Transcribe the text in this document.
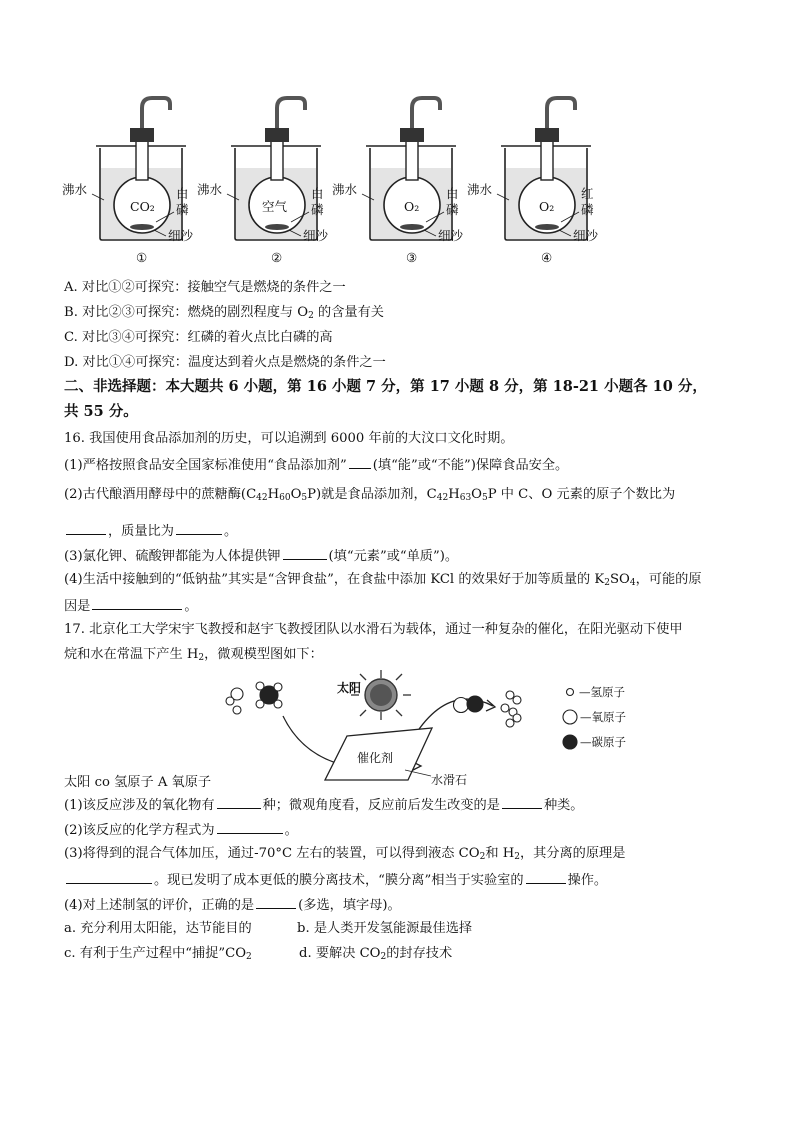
沸水
CO₂
白
磷
细沙
①
沸水
空气
白
磷
细沙
②
沸水
O₂
白
磷
细沙
③
沸水
O₂
红
磷
细沙
④
A. 对比①②可探究：接触空气是燃烧的条件之一
B. 对比②③可探究：燃烧的剧烈程度与 $O_2$ 的含量有关
C. 对比③④可探究：红磷的着火点比白磷的高
D. 对比①④可探究：温度达到着火点是燃烧的条件之一
二、非选择题：本大题共 6 小题，第 16 小题 7 分，第 17 小题 8 分，第 18-21 小题各 10 分，
共 55 分。
16. 我国使用食品添加剂的历史，可以追溯到 6000 年前的大汶口文化时期。
(1)严格按照食品安全国家标准使用“食品添加剂” (填“能”或“不能”)保障食品安全。
(2)古代酿酒用酵母中的蔗糖酶$(C_{42}H_{60}O_5P)$就是食品添加剂，$C_{42}H_{63}O_5P$ 中 C、O 元素的原子个数比为
，质量比为	。
(3)氯化钾、硫酸钾都能为人体提供钾	(填“元素”或“单质”)。
(4)生活中接触到的“低钠盐”其实是“含钾食盐”，在食盐中添加 KCl 的效果好于加等质量的 $K_2SO_4$，可能的原
因是	。
17. 北京化工大学宋宇飞教授和赵宇飞教授团队以水滑石为载体，通过一种复杂的催化，在阳光驱动下使甲
烷和水在常温下产生 $H_2$，微观模型图如下：
太阳
催化剂
水滑石
—氢原子
—氧原子
—碳原子
太阳 co 氢原子 A 氧原子
(1)该反应涉及的氧化物有	种；微观角度看，反应前后发生改变的是	种类。
(2)该反应的化学方程式为	。
(3)将得到的混合气体加压，通过-70°C 左右的装置，可以得到液态 $CO_2$和 $H_2$，其分离的原理是
。现已发明了成本更低的膜分离技术，“膜分离”相当于实验室的	操作。
(4)对上述制氢的评价，正确的是	(多选，填字母)。
a. 充分利用太阳能，达节能目的	b. 是人类开发氢能源最佳选择
c. 有利于生产过程中“捕捉$”CO_2$	d. 要解决 $CO_2$的封存技术
